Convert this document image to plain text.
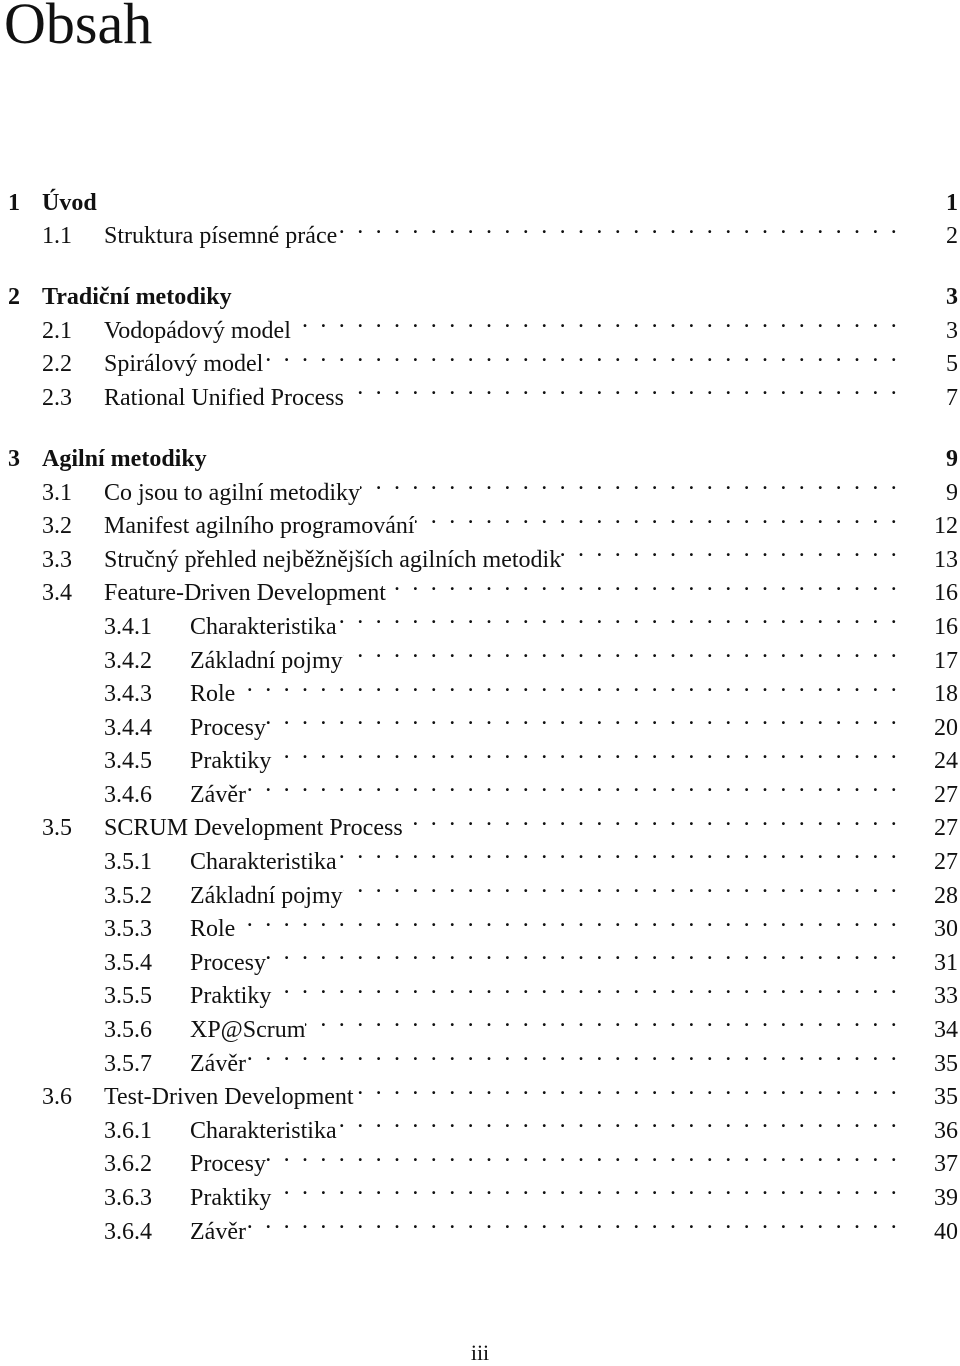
Obsah
1 Úvod	1
1.1	Struktura písemné práce . . .	2
2 Tradiční metodiky	3
2.1	Vodopádový model . . .	3
2.2	Spirálový model . . .	5
2.3	Rational Unified Process . . .	7
3 Agilní metodiky	9
3.1	Co jsou to agilní metodiky . . .	9
3.2	Manifest agilního programování . . .	12
3.3	Stručný přehled nejběžnějších agilních metodik . . .	13
3.4	Feature-Driven Development . . .	16
3.4.1	Charakteristika . . .	16
3.4.2	Základní pojmy . . .	17
3.4.3	Role . . .	18
3.4.4	Procesy . . .	20
3.4.5	Praktiky . . .	24
3.4.6	Závěr . . .	27
3.5	SCRUM Development Process . . .	27
3.5.1	Charakteristika . . .	27
3.5.2	Základní pojmy . . .	28
3.5.3	Role . . .	30
3.5.4	Procesy . . .	31
3.5.5	Praktiky . . .	33
3.5.6	XP@Scrum . . .	34
3.5.7	Závěr . . .	35
3.6	Test-Driven Development . . .	35
3.6.1	Charakteristika . . .	36
3.6.2	Procesy . . .	37
3.6.3	Praktiky . . .	39
3.6.4	Závěr . . .	40
iii
